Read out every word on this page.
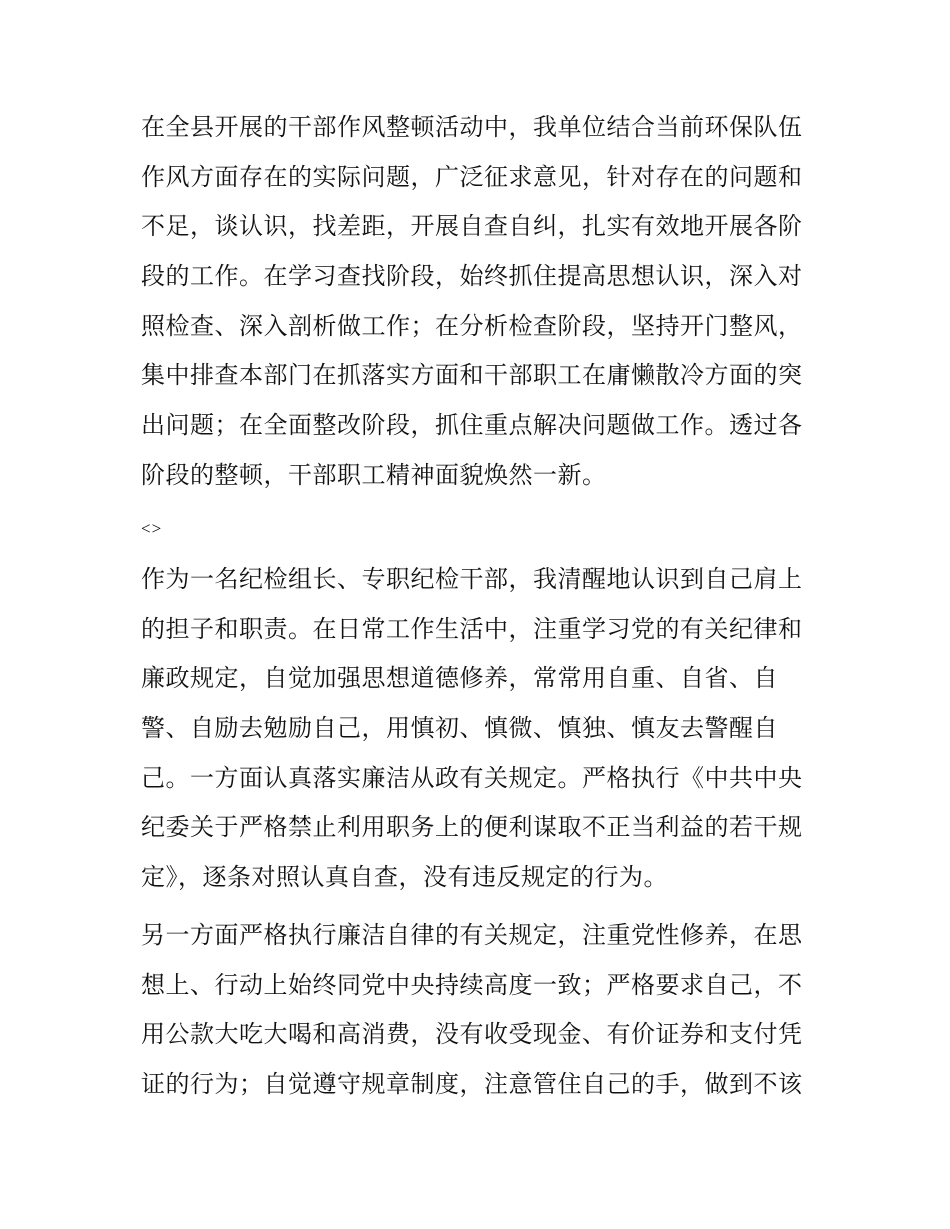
在全县开展的干部作风整顿活动中，我单位结合当前环保队伍
作风方面存在的实际问题，广泛征求意见，针对存在的问题和
不足，谈认识，找差距，开展自查自纠，扎实有效地开展各阶
段的工作。在学习查找阶段，始终抓住提高思想认识，深入对
照检查、深入剖析做工作；在分析检查阶段，坚持开门整风，
集中排查本部门在抓落实方面和干部职工在庸懒散冷方面的突
出问题；在全面整改阶段，抓住重点解决问题做工作。透过各
阶段的整顿，干部职工精神面貌焕然一新。
<>
作为一名纪检组长、专职纪检干部，我清醒地认识到自己肩上
的担子和职责。在日常工作生活中，注重学习党的有关纪律和
廉政规定，自觉加强思想道德修养，常常用自重、自省、自
警、自励去勉励自己，用慎初、慎微、慎独、慎友去警醒自
己。一方面认真落实廉洁从政有关规定。严格执行《中共中央
纪委关于严格禁止利用职务上的便利谋取不正当利益的若干规
定》，逐条对照认真自查，没有违反规定的行为。
另一方面严格执行廉洁自律的有关规定，注重党性修养，在思
想上、行动上始终同党中央持续高度一致；严格要求自己，不
用公款大吃大喝和高消费，没有收受现金、有价证券和支付凭
证的行为；自觉遵守规章制度，注意管住自己的手，做到不该
